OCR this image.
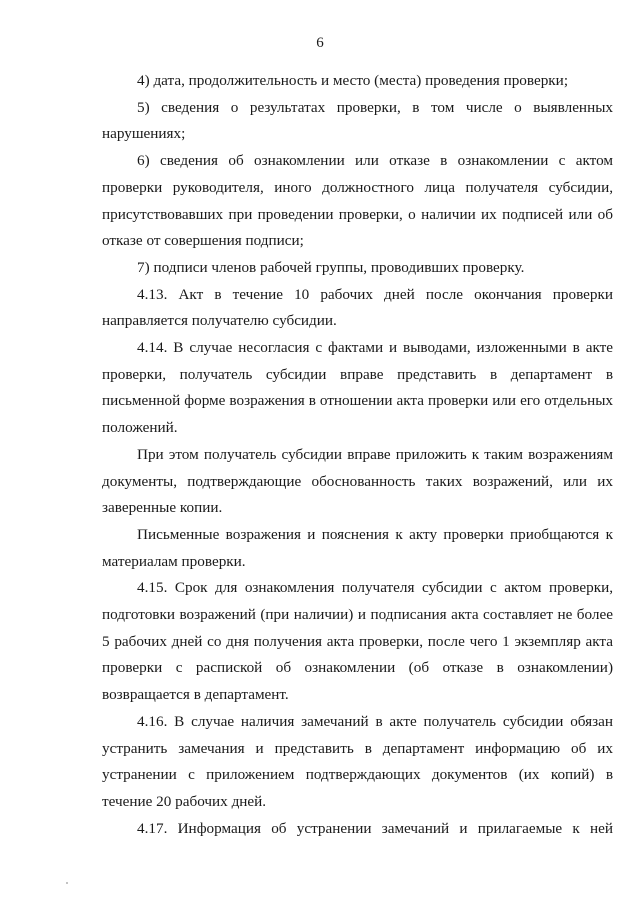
6

4) дата, продолжительность и место (места) проведения проверки;

5) сведения о результатах проверки, в том числе о выявленных нарушениях;

6) сведения об ознакомлении или отказе в ознакомлении с актом проверки руководителя, иного должностного лица получателя субсидии, присутствовавших при проведении проверки, о наличии их подписей или об отказе от совершения подписи;

7) подписи членов рабочей группы, проводивших проверку.

4.13. Акт в течение 10 рабочих дней после окончания проверки направляется получателю субсидии.

4.14. В случае несогласия с фактами и выводами, изложенными в акте проверки, получатель субсидии вправе представить в департамент в письменной форме возражения в отношении акта проверки или его отдельных положений.

При этом получатель субсидии вправе приложить к таким возражениям документы, подтверждающие обоснованность таких возражений, или их заверенные копии.

Письменные возражения и пояснения к акту проверки приобщаются к материалам проверки.

4.15. Срок для ознакомления получателя субсидии с актом проверки, подготовки возражений (при наличии) и подписания акта составляет не более 5 рабочих дней со дня получения акта проверки, после чего 1 экземпляр акта проверки с распиской об ознакомлении (об отказе в ознакомлении) возвращается в департамент.

4.16. В случае наличия замечаний в акте получатель субсидии обязан устранить замечания и представить в департамент информацию об их устранении с приложением подтверждающих документов (их копий) в течение 20 рабочих дней.

4.17. Информация об устранении замечаний и прилагаемые к ней
